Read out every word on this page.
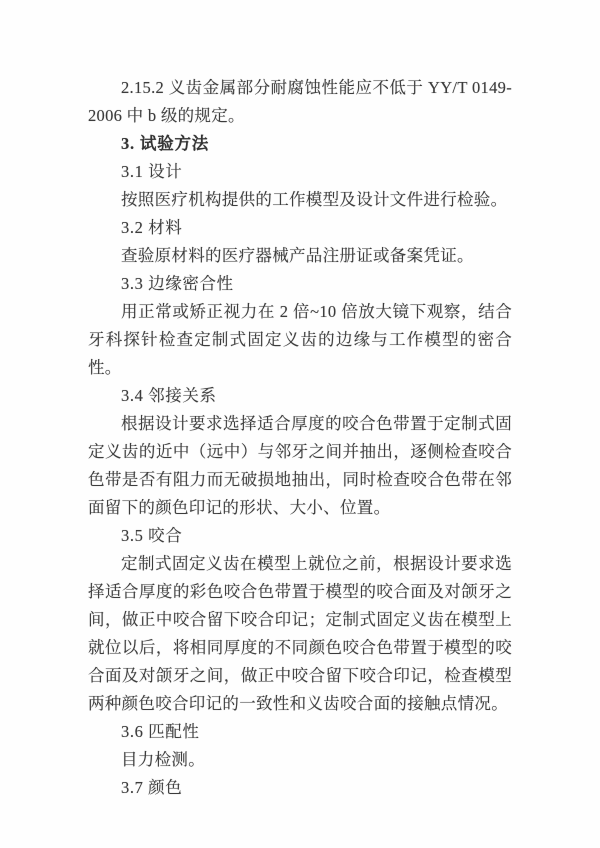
2.15.2 义齿金属部分耐腐蚀性能应不低于 YY/T 0149-2006 中 b 级的规定。

3. 试验方法

3.1 设计

按照医疗机构提供的工作模型及设计文件进行检验。

3.2 材料

查验原材料的医疗器械产品注册证或备案凭证。

3.3 边缘密合性

用正常或矫正视力在 2 倍~10 倍放大镜下观察，结合牙科探针检查定制式固定义齿的边缘与工作模型的密合性。

3.4 邻接关系

根据设计要求选择适合厚度的咬合色带置于定制式固定义齿的近中（远中）与邻牙之间并抽出，逐侧检查咬合色带是否有阻力而无破损地抽出，同时检查咬合色带在邻面留下的颜色印记的形状、大小、位置。

3.5 咬合

定制式固定义齿在模型上就位之前，根据设计要求选择适合厚度的彩色咬合色带置于模型的咬合面及对颌牙之间，做正中咬合留下咬合印记；定制式固定义齿在模型上就位以后，将相同厚度的不同颜色咬合色带置于模型的咬合面及对颌牙之间，做正中咬合留下咬合印记，检查模型两种颜色咬合印记的一致性和义齿咬合面的接触点情况。

3.6 匹配性

目力检测。

3.7 颜色
